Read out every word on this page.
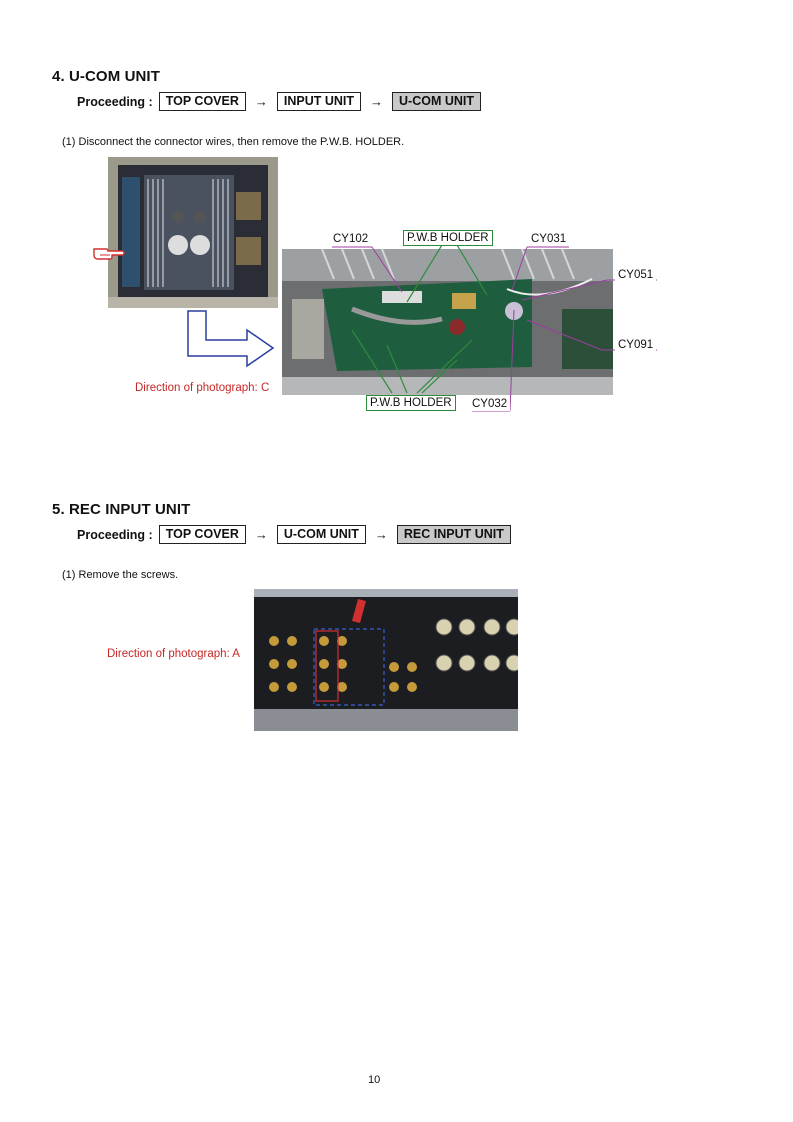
4. U-COM UNIT
Proceeding :	TOP COVER	→	INPUT UNIT	→	U-COM UNIT
(1) Disconnect the connector wires, then remove the P.W.B. HOLDER.
Direction of photograph: C
CY102	P.W.B HOLDER	CY031
CY051
CY091
P.W.B HOLDER	CY032
5. REC INPUT UNIT
Proceeding :	TOP COVER	→	U-COM UNIT	→	REC INPUT UNIT
(1) Remove the screws.
Direction of photograph: A
10
